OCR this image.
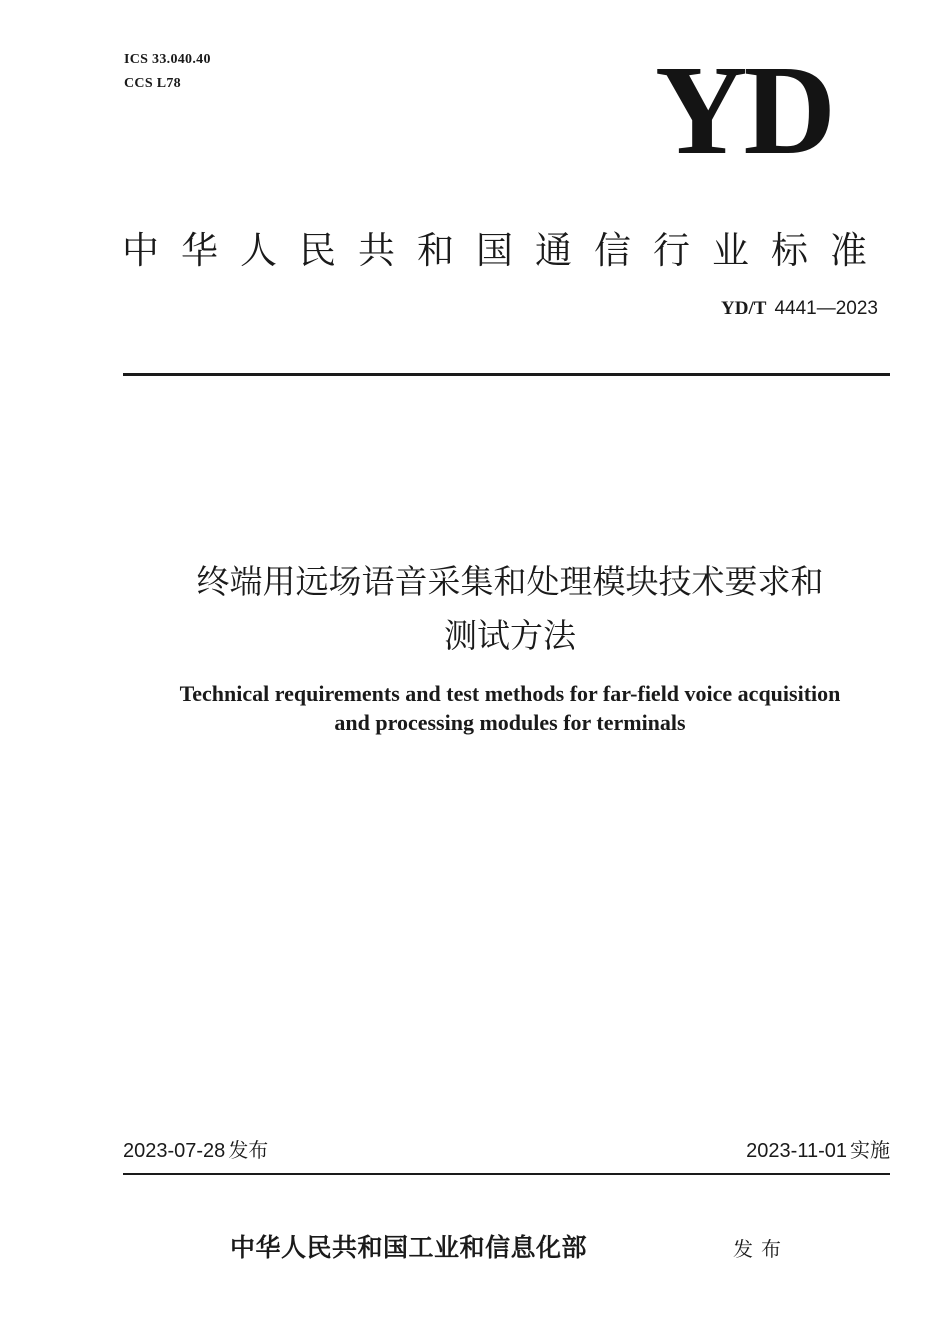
ICS 33.040.40
CCS L78	YD
中华人民共和国通信行业标准
YD/T 4441—2023
终端用远场语音采集和处理模块技术要求和
测试方法
Technical requirements and test methods for far-field voice acquisition
and processing modules for terminals
2023-07-28 发布	2023-11-01 实施
中华人民共和国工业和信息化部	发布
